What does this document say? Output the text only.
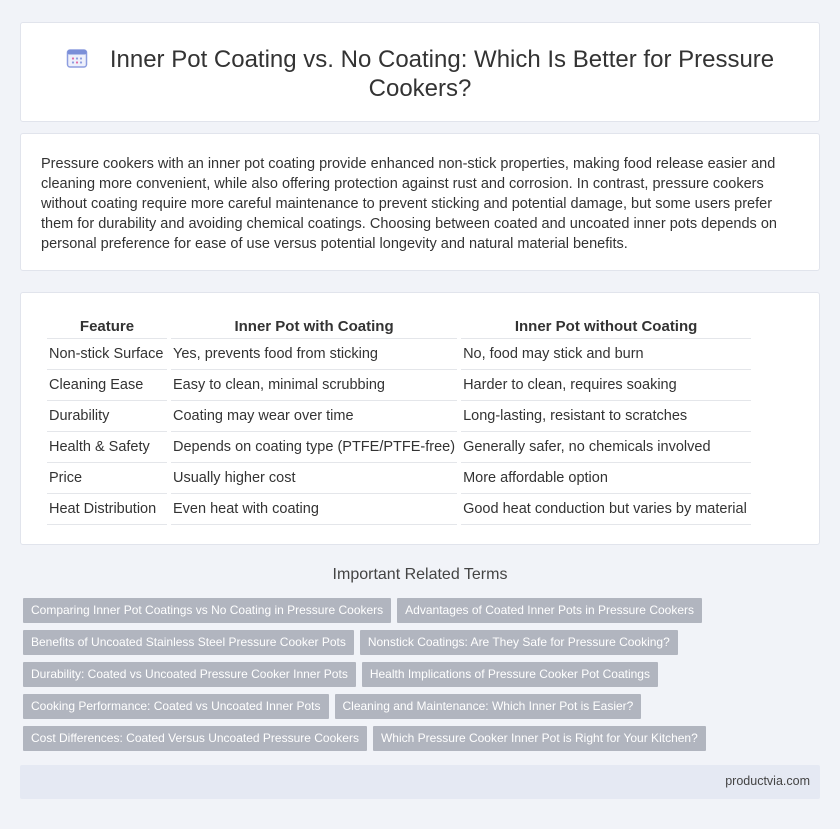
Inner Pot Coating vs. No Coating: Which Is Better for Pressure Cookers?

Pressure cookers with an inner pot coating provide enhanced non-stick properties, making food release easier and cleaning more convenient, while also offering protection against rust and corrosion. In contrast, pressure cookers without coating require more careful maintenance to prevent sticking and potential damage, but some users prefer them for durability and avoiding chemical coatings. Choosing between coated and uncoated inner pots depends on personal preference for ease of use versus potential longevity and natural material benefits.

Feature	Inner Pot with Coating	Inner Pot without Coating
Non-stick Surface	Yes, prevents food from sticking	No, food may stick and burn
Cleaning Ease	Easy to clean, minimal scrubbing	Harder to clean, requires soaking
Durability	Coating may wear over time	Long-lasting, resistant to scratches
Health & Safety	Depends on coating type (PTFE/PTFE-free)	Generally safer, no chemicals involved
Price	Usually higher cost	More affordable option
Heat Distribution	Even heat with coating	Good heat conduction but varies by material
Important Related Terms
Comparing Inner Pot Coatings vs No Coating in Pressure Cookers Advantages of Coated Inner Pots in Pressure Cookers
Benefits of Uncoated Stainless Steel Pressure Cooker Pots Nonstick Coatings: Are They Safe for Pressure Cooking?
Durability: Coated vs Uncoated Pressure Cooker Inner Pots Health Implications of Pressure Cooker Pot Coatings
Cooking Performance: Coated vs Uncoated Inner Pots Cleaning and Maintenance: Which Inner Pot is Easier?
Cost Differences: Coated Versus Uncoated Pressure Cookers Which Pressure Cooker Inner Pot is Right for Your Kitchen?
productvia.com
